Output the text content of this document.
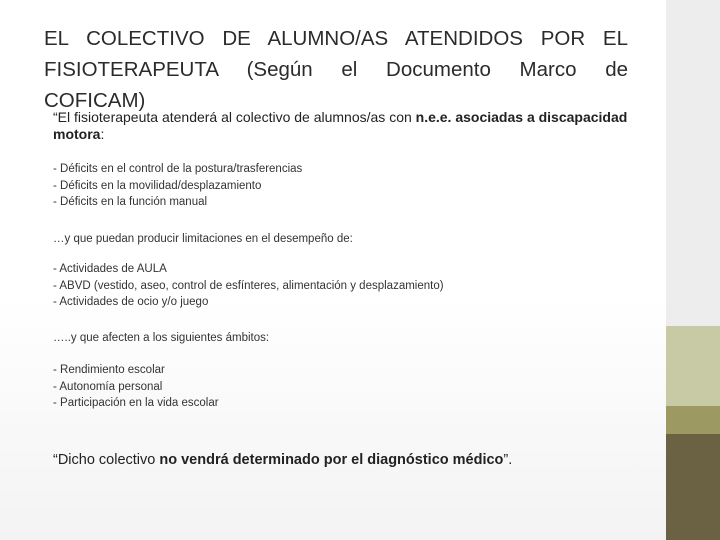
EL COLECTIVO DE ALUMNO/AS ATENDIDOS POR EL
FISIOTERAPEUTA (Según el Documento Marco de COFICAM)
“El fisioterapeuta atenderá al colectivo de alumnos/as con n.e.e. asociadas a discapacidad motora:
- Déficits en el control de la postura/trasferencias
- Déficits en la movilidad/desplazamiento
- Déficits en la función manual
…y que puedan producir limitaciones en el desempeño de:
- Actividades de AULA
- ABVD (vestido, aseo, control de esfínteres, alimentación y desplazamiento)
- Actividades de ocio y/o juego
…..y que afecten a los siguientes ámbitos:
- Rendimiento escolar
- Autonomía personal
- Participación en la vida escolar
“Dicho colectivo no vendrá determinado por el diagnóstico médico”.
